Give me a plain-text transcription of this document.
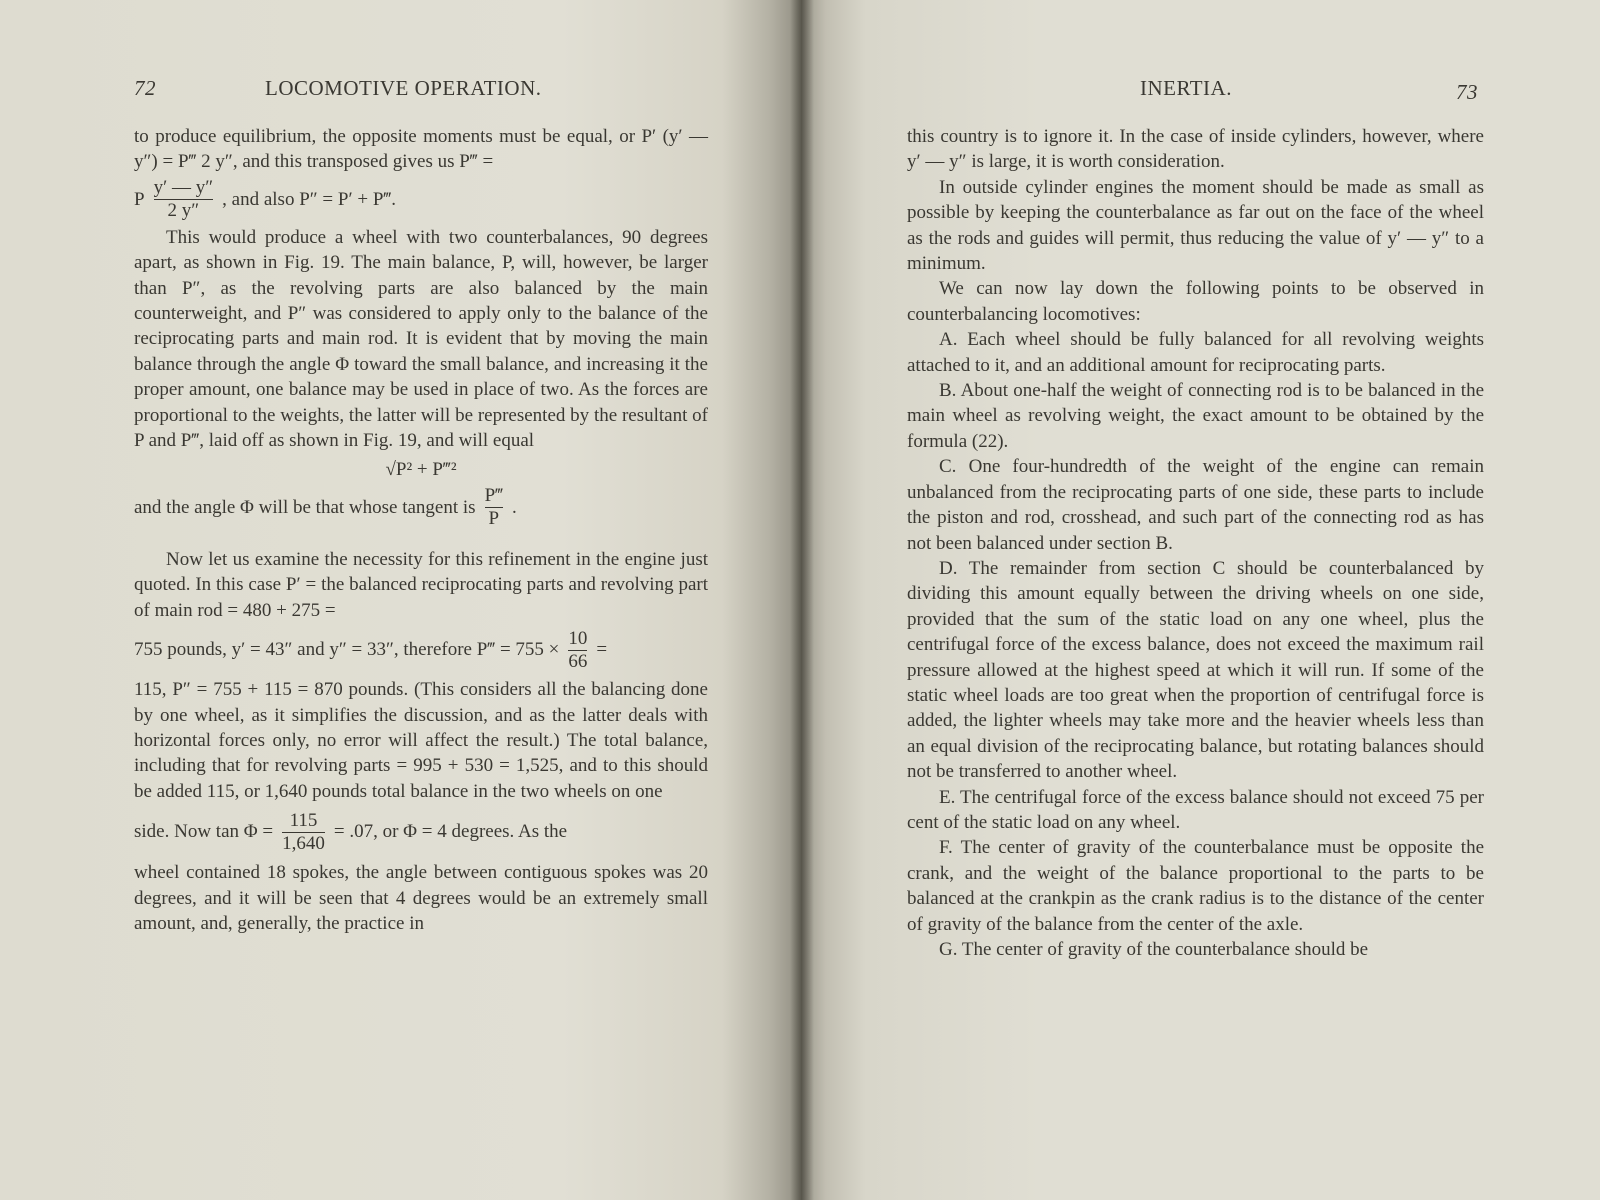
72	LOCOMOTIVE OPERATION.

to produce equilibrium, the opposite moments must be equal, or P′ (y′ — y″) = P‴ 2 y″, and this transposed gives us P‴ =

P $\frac{y' — y''}{2 y''}$ , and also P″ = P′ + P‴.

This would produce a wheel with two counterbalances, 90 degrees apart, as shown in Fig. 19. The main balance, P, will, however, be larger than P″, as the revolving parts are also balanced by the main counterweight, and P″ was considered to apply only to the balance of the reciprocating parts and main rod. It is evident that by moving the main balance through the angle Φ toward the small balance, and increasing it the proper amount, one balance may be used in place of two. As the forces are proportional to the weights, the latter will be represented by the resultant of P and P‴, laid off as shown in Fig. 19, and will equal

√P² + P‴²

and the angle Φ will be that whose tangent is $\frac{P‴}{P}$ .

Now let us examine the necessity for this refinement in the engine just quoted. In this case P′ = the balanced reciprocating parts and revolving part of main rod = 480 + 275 =

755 pounds, y′ = 43″ and y″ = 33″, therefore P‴ = $755 \times \frac{10}{66}$ =

115, P″ = 755 + 115 = 870 pounds. (This considers all the balancing done by one wheel, as it simplifies the discussion, and as the latter deals with horizontal forces only, no error will affect the result.) The total balance, including that for revolving parts = 995 + 530 = 1,525, and to this should be added 115, or 1,640 pounds total balance in the two wheels on one

side. Now $\tan \Phi = \frac{115}{1,640} = .07$, or Φ = 4 degrees. As the

wheel contained 18 spokes, the angle between contiguous spokes was 20 degrees, and it will be seen that 4 degrees would be an extremely small amount, and, generally, the practice in

INERTIA.	73

this country is to ignore it. In the case of inside cylinders, however, where y′ — y″ is large, it is worth consideration.

In outside cylinder engines the moment should be made as small as possible by keeping the counterbalance as far out on the face of the wheel as the rods and guides will permit, thus reducing the value of y′ — y″ to a minimum.

We can now lay down the following points to be observed in counterbalancing locomotives:

A. Each wheel should be fully balanced for all revolving weights attached to it, and an additional amount for reciprocating parts.

B. About one-half the weight of connecting rod is to be balanced in the main wheel as revolving weight, the exact amount to be obtained by the formula (22).

C. One four-hundredth of the weight of the engine can remain unbalanced from the reciprocating parts of one side, these parts to include the piston and rod, crosshead, and such part of the connecting rod as has not been balanced under section B.

D. The remainder from section C should be counterbalanced by dividing this amount equally between the driving wheels on one side, provided that the sum of the static load on any one wheel, plus the centrifugal force of the excess balance, does not exceed the maximum rail pressure allowed at the highest speed at which it will run. If some of the static wheel loads are too great when the proportion of centrifugal force is added, the lighter wheels may take more and the heavier wheels less than an equal division of the reciprocating balance, but rotating balances should not be transferred to another wheel.

E. The centrifugal force of the excess balance should not exceed 75 per cent of the static load on any wheel.

F. The center of gravity of the counterbalance must be opposite the crank, and the weight of the balance proportional to the parts to be balanced at the crankpin as the crank radius is to the distance of the center of gravity of the balance from the center of the axle.

G. The center of gravity of the counterbalance should be
